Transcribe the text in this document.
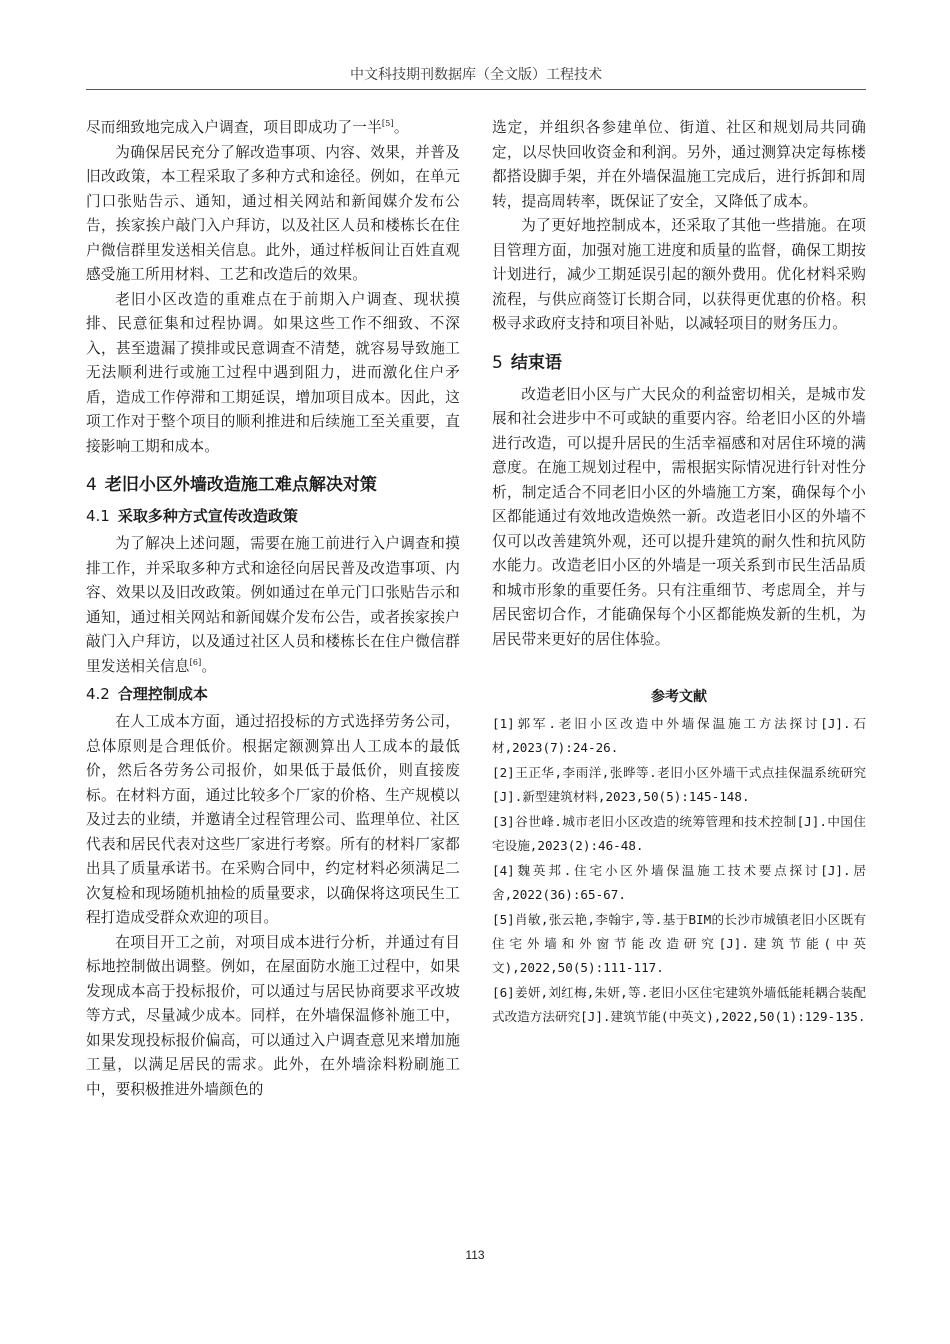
中文科技期刊数据库（全文版）工程技术

尽而细致地完成入户调查，项目即成功了一半[5]。

为确保居民充分了解改造事项、内容、效果，并普及旧改政策，本工程采取了多种方式和途径。例如，在单元门口张贴告示、通知，通过相关网站和新闻媒介发布公告，挨家挨户敲门入户拜访，以及社区人员和楼栋长在住户微信群里发送相关信息。此外，通过样板间让百姓直观感受施工所用材料、工艺和改造后的效果。

老旧小区改造的重难点在于前期入户调查、现状摸排、民意征集和过程协调。如果这些工作不细致、不深入，甚至遗漏了摸排或民意调查不清楚，就容易导致施工无法顺利进行或施工过程中遇到阻力，进而激化住户矛盾，造成工作停滞和工期延误，增加项目成本。因此，这项工作对于整个项目的顺利推进和后续施工至关重要，直接影响工期和成本。

4 老旧小区外墙改造施工难点解决对策
4.1 采取多种方式宣传改造政策

为了解决上述问题，需要在施工前进行入户调查和摸排工作，并采取多种方式和途径向居民普及改造事项、内容、效果以及旧改政策。例如通过在单元门口张贴告示和通知，通过相关网站和新闻媒介发布公告，或者挨家挨户敲门入户拜访，以及通过社区人员和楼栋长在住户微信群里发送相关信息[6]。

4.2 合理控制成本

在人工成本方面，通过招投标的方式选择劳务公司，总体原则是合理低价。根据定额测算出人工成本的最低价，然后各劳务公司报价，如果低于最低价，则直接废标。在材料方面，通过比较多个厂家的价格、生产规模以及过去的业绩，并邀请全过程管理公司、监理单位、社区代表和居民代表对这些厂家进行考察。所有的材料厂家都出具了质量承诺书。在采购合同中，约定材料必须满足二次复检和现场随机抽检的质量要求，以确保将这项民生工程打造成受群众欢迎的项目。

在项目开工之前，对项目成本进行分析，并通过有目标地控制做出调整。例如，在屋面防水施工过程中，如果发现成本高于投标报价，可以通过与居民协商要求平改坡等方式，尽量减少成本。同样，在外墙保温修补施工中，如果发现投标报价偏高，可以通过入户调查意见来增加施工量，以满足居民的需求。此外，在外墙涂料粉刷施工中，要积极推进外墙颜色的

选定，并组织各参建单位、街道、社区和规划局共同确定，以尽快回收资金和利润。另外，通过测算决定每栋楼都搭设脚手架，并在外墙保温施工完成后，进行拆卸和周转，提高周转率，既保证了安全，又降低了成本。

为了更好地控制成本，还采取了其他一些措施。在项目管理方面，加强对施工进度和质量的监督，确保工期按计划进行，减少工期延误引起的额外费用。优化材料采购流程，与供应商签订长期合同，以获得更优惠的价格。积极寻求政府支持和项目补贴，以减轻项目的财务压力。

5 结束语

改造老旧小区与广大民众的利益密切相关，是城市发展和社会进步中不可或缺的重要内容。给老旧小区的外墙进行改造，可以提升居民的生活幸福感和对居住环境的满意度。在施工规划过程中，需根据实际情况进行针对性分析，制定适合不同老旧小区的外墙施工方案，确保每个小区都能通过有效地改造焕然一新。改造老旧小区的外墙不仅可以改善建筑外观，还可以提升建筑的耐久性和抗风防水能力。改造老旧小区的外墙是一项关系到市民生活品质和城市形象的重要任务。只有注重细节、考虑周全，并与居民密切合作，才能确保每个小区都能焕发新的生机，为居民带来更好的居住体验。

参考文献

[1]郭军.老旧小区改造中外墙保温施工方法探讨[J].石材,2023(7):24-26.

[2]王正华,李雨洋,张晔等.老旧小区外墙干式点挂保温系统研究[J].新型建筑材料,2023,50(5):145-148.

[3]谷世峰.城市老旧小区改造的统筹管理和技术控制[J].中国住宅设施,2023(2):46-48.

[4]魏英邦.住宅小区外墙保温施工技术要点探讨[J].居舍,2022(36):65-67.

[5]肖敏,张云艳,李翰宇,等.基于BIM的长沙市城镇老旧小区既有住宅外墙和外窗节能改造研究[J].建筑节能(中英文),2022,50(5):111-117.

[6]姜妍,刘红梅,朱妍,等.老旧小区住宅建筑外墙低能耗耦合装配式改造方法研究[J].建筑节能(中英文),2022,50(1):129-135.

113
